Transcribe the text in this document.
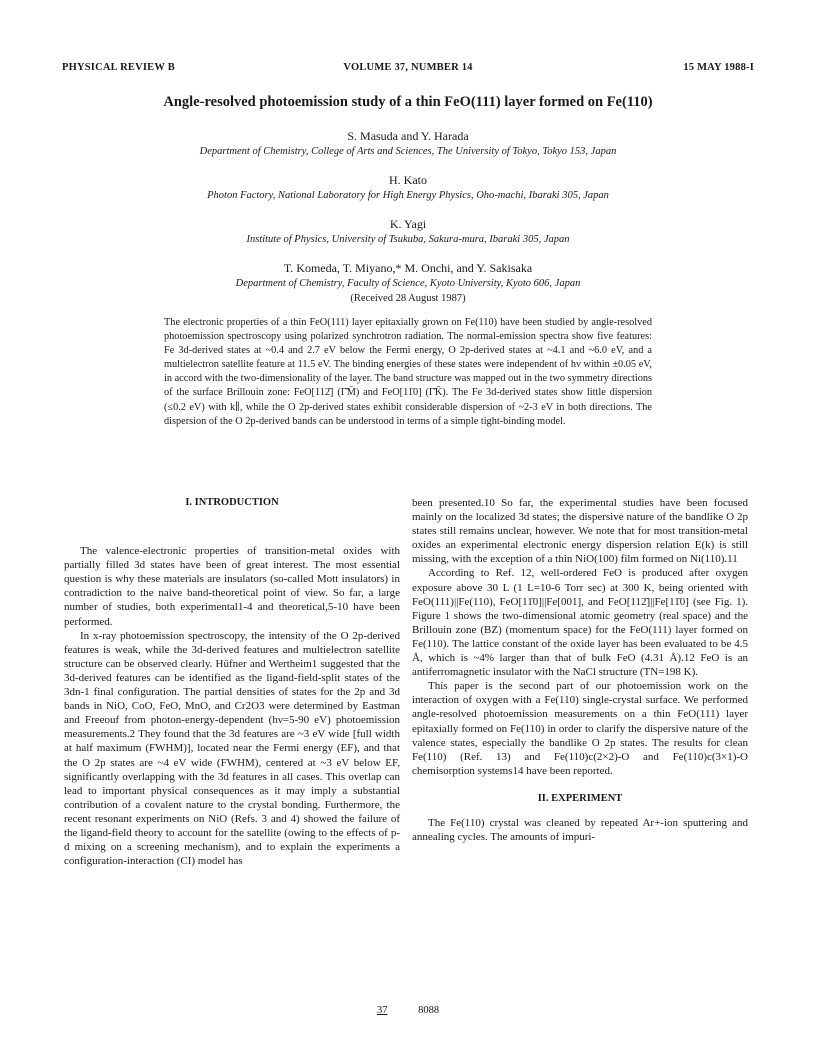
PHYSICAL REVIEW B	VOLUME 37, NUMBER 14	15 MAY 1988-I
Angle-resolved photoemission study of a thin FeO(111) layer formed on Fe(110)
S. Masuda and Y. Harada
Department of Chemistry, College of Arts and Sciences, The University of Tokyo, Tokyo 153, Japan
H. Kato
Photon Factory, National Laboratory for High Energy Physics, Oho-machi, Ibaraki 305, Japan
K. Yagi
Institute of Physics, University of Tsukuba, Sakura-mura, Ibaraki 305, Japan
T. Komeda, T. Miyano,* M. Onchi, and Y. Sakisaka
Department of Chemistry, Faculty of Science, Kyoto University, Kyoto 606, Japan
(Received 28 August 1987)

The electronic properties of a thin FeO(111) layer epitaxially grown on Fe(110) have been studied by angle-resolved photoemission spectroscopy using polarized synchrotron radiation. The normal-emission spectra show five features: Fe 3d-derived states at ~0.4 and 2.7 eV below the Fermi energy, O 2p-derived states at ~4.1 and ~6.0 eV, and a multielectron satellite feature at 11.5 eV. The binding energies of these states were independent of hν within ±0.05 eV, in accord with the two-dimensionality of the layer. The band structure was mapped out in the two symmetry directions of the surface Brillouin zone: FeO[112̄] (Γ̄M̄) and FeO[11̄0] (Γ̄K̄). The Fe 3d-derived states show little dispersion (≤0.2 eV) with k∥, while the O 2p-derived states exhibit considerable dispersion of ~2-3 eV in both directions. The dispersion of the O 2p-derived bands can be understood in terms of a simple tight-binding model.

I. INTRODUCTION

The valence-electronic properties of transition-metal oxides with partially filled 3d states have been of great interest. The most essential question is why these materials are insulators (so-called Mott insulators) in contradiction to the naive band-theoretical point of view. So far, a large number of studies, both experimental1-4 and theoretical,5-10 have been performed.

In x-ray photoemission spectroscopy, the intensity of the O 2p-derived features is weak, while the 3d-derived features and multielectron satellite structure can be observed clearly. Hüfner and Wertheim1 suggested that the 3d-derived features can be identified as the ligand-field-split states of the 3dn-1 final configuration. The partial densities of states for the 2p and 3d bands in NiO, CoO, FeO, MnO, and Cr2O3 were determined by Eastman and Freeouf from photon-energy-dependent (hν=5-90 eV) photoemission measurements.2 They found that the 3d features are ~3 eV wide [full width at half maximum (FWHM)], located near the Fermi energy (EF), and that the O 2p states are ~4 eV wide (FWHM), centered at ~3 eV below EF, significantly overlapping with the 3d features in all cases. This overlap can lead to important physical consequences as it may imply a substantial contribution of a covalent nature to the crystal bonding. Furthermore, the recent resonant experiments on NiO (Refs. 3 and 4) showed the failure of the ligand-field theory to account for the satellite (owing to the effects of p-d mixing on a screening mechanism), and to explain the experiments a configuration-interaction (CI) model has

been presented.10 So far, the experimental studies have been focused mainly on the localized 3d states; the dispersive nature of the bandlike O 2p states still remains unclear, however. We note that for most transition-metal oxides an experimental electronic energy dispersion relation E(k) is still missing, with the exception of a thin NiO(100) film formed on Ni(110).11

According to Ref. 12, well-ordered FeO is produced after oxygen exposure above 30 L (1 L=10-6 Torr sec) at 300 K, being oriented with FeO(111)||Fe(110), FeO[11̄0]||Fe[001], and FeO[112̄]||Fe[11̄0] (see Fig. 1). Figure 1 shows the two-dimensional atomic geometry (real space) and the Brillouin zone (BZ) (momentum space) for the FeO(111) layer formed on Fe(110). The lattice constant of the oxide layer has been evaluated to be 4.5 Å, which is ~4% larger than that of bulk FeO (4.31 Å).12 FeO is an antiferromagnetic insulator with the NaCl structure (TN=198 K).

This paper is the second part of our photoemission work on the interaction of oxygen with a Fe(110) single-crystal surface. We performed angle-resolved photoemission measurements on a thin FeO(111) layer epitaxially formed on Fe(110) in order to clarify the dispersive nature of the valence states, especially the bandlike O 2p states. The results for clean Fe(110) (Ref. 13) and Fe(110)c(2×2)-O and Fe(110)c(3×1)-O chemisorption systems14 have been reported.

II. EXPERIMENT

The Fe(110) crystal was cleaned by repeated Ar+-ion sputtering and annealing cycles. The amounts of impuri-

37	8088
